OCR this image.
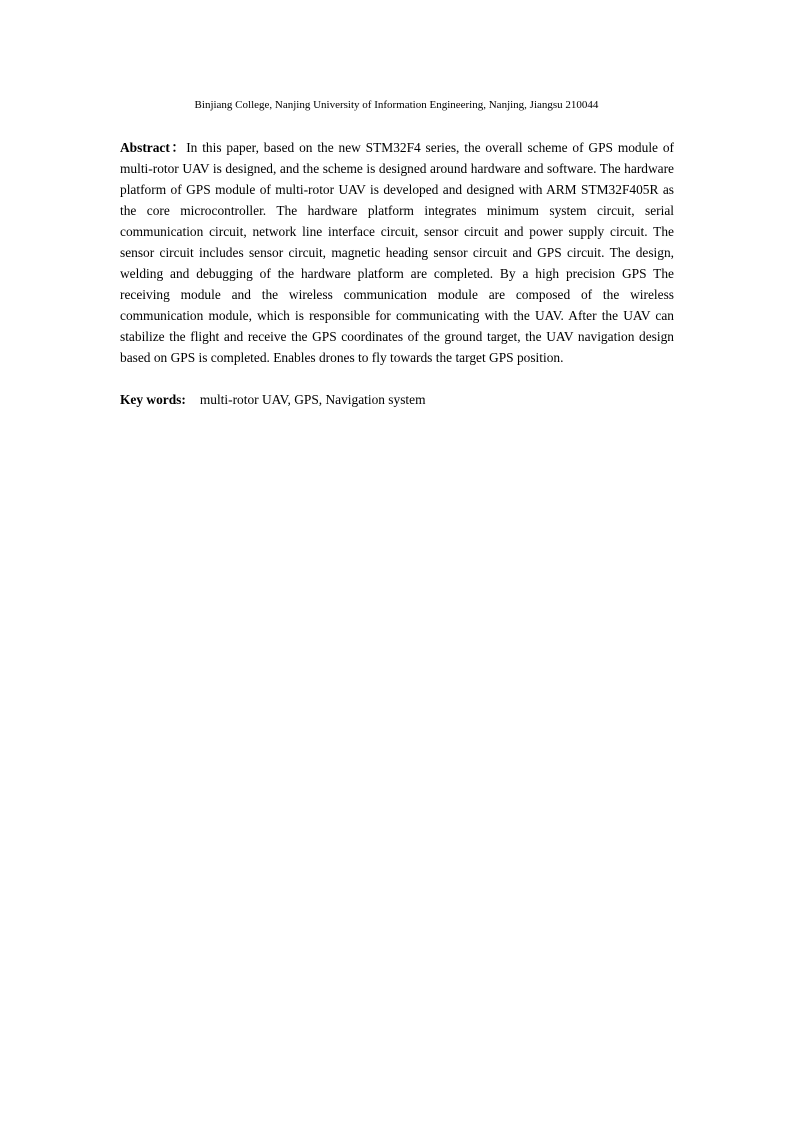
Binjiang College, Nanjing University of Information Engineering, Nanjing, Jiangsu 210044

Abstract：In this paper, based on the new STM32F4 series, the overall scheme of GPS module of multi-rotor UAV is designed, and the scheme is designed around hardware and software. The hardware platform of GPS module of multi-rotor UAV is developed and designed with ARM STM32F405R as the core microcontroller. The hardware platform integrates minimum system circuit, serial communication circuit, network line interface circuit, sensor circuit and power supply circuit. The sensor circuit includes sensor circuit, magnetic heading sensor circuit and GPS circuit. The design, welding and debugging of the hardware platform are completed. By a high precision GPS The receiving module and the wireless communication module are composed of the wireless communication module, which is responsible for communicating with the UAV. After the UAV can stabilize the flight and receive the GPS coordinates of the ground target, the UAV navigation design based on GPS is completed. Enables drones to fly towards the target GPS position.

Key words: multi-rotor UAV, GPS, Navigation system
